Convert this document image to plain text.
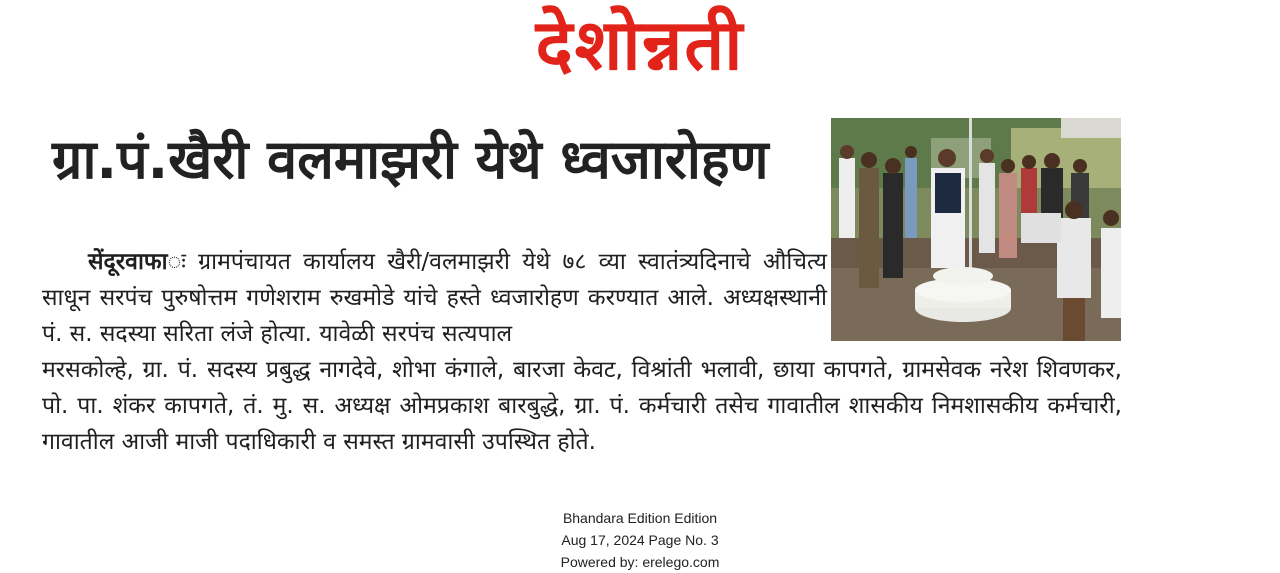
देशोन्नती
ग्रा.पं.खैरी वलमाझरी येथे ध्वजारोहण
सेंदूरवाफाः ग्रामपंचायत कार्यालय खैरी/वलमाझरी येथे ७८ व्या स्वातंत्र्यदिनाचे औचित्य साधून सरपंच पुरुषोत्तम गणेशराम रुखमोडे यांचे हस्ते ध्वजारोहण करण्यात आले. अध्यक्षस्थानी पं. स. सदस्या सरिता लंजे होत्या. यावेळी सरपंच सत्यपाल
मरसकोल्हे, ग्रा. पं. सदस्य प्रबुद्ध नागदेवे, शोभा कंगाले, बारजा केवट, विश्रांती भलावी, छाया कापगते, ग्रामसेवक नरेश शिवणकर, पो. पा. शंकर कापगते, तं. मु. स. अध्यक्ष ओमप्रकाश बारबुद्धे, ग्रा. पं. कर्मचारी तसेच गावातील शासकीय निमशासकीय कर्मचारी, गावातील आजी माजी पदाधिकारी व समस्त ग्रामवासी उपस्थित होते.
Bhandara Edition Edition
Aug 17, 2024 Page No. 3
Powered by: erelego.com
